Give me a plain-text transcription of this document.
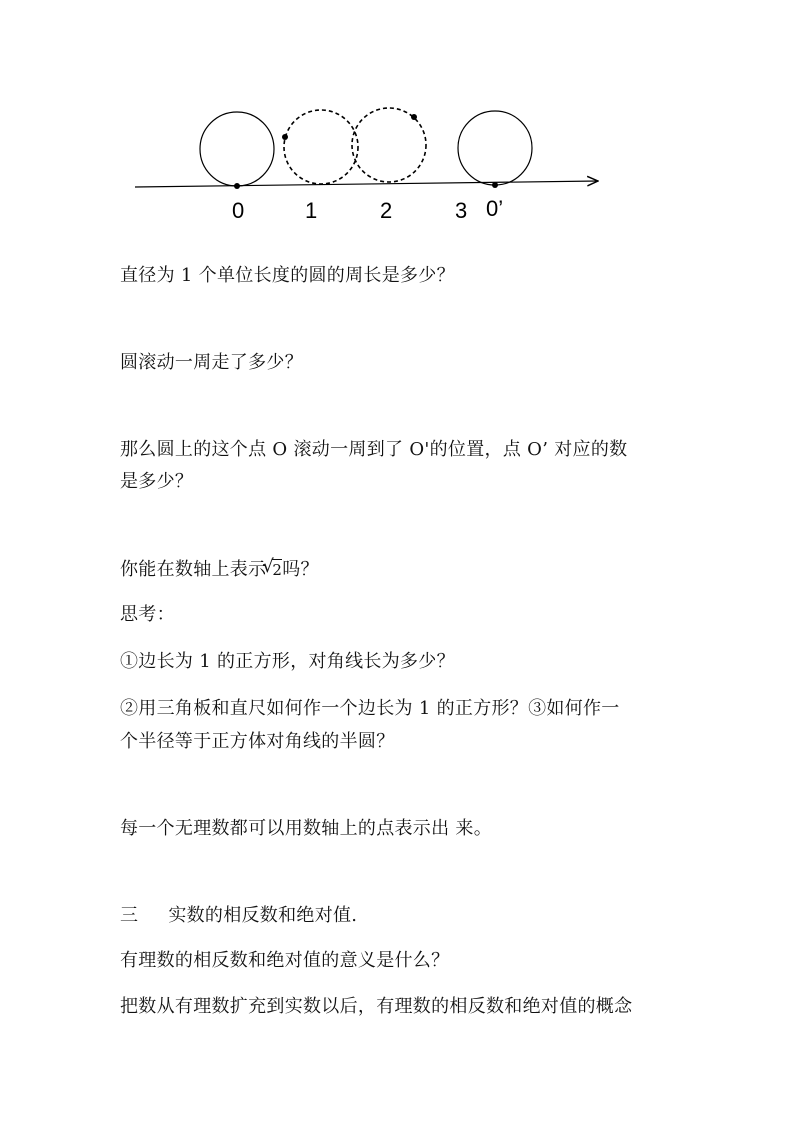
0	1	2	3 0’
直径为 1 个单位长度的圆的周长是多少？
圆滚动一周走了多少？
那么圆上的这个点 O 滚动一周到了 O'的位置，点 O’ 对应的数
是多少？
你能在数轴上表示√ 2吗？
思考：
①边长为 1 的正方形，对角线长为多少？
②用三角板和直尺如何作一个边长为 1 的正方形？③如何作一
个半径等于正方体对角线的半圆？
每一个无理数都可以用数轴上的点表示出 来。
三 实数的相反数和绝对值.
有理数的相反数和绝对值的意义是什么？
把数从有理数扩充到实数以后，有理数的相反数和绝对值的概念
